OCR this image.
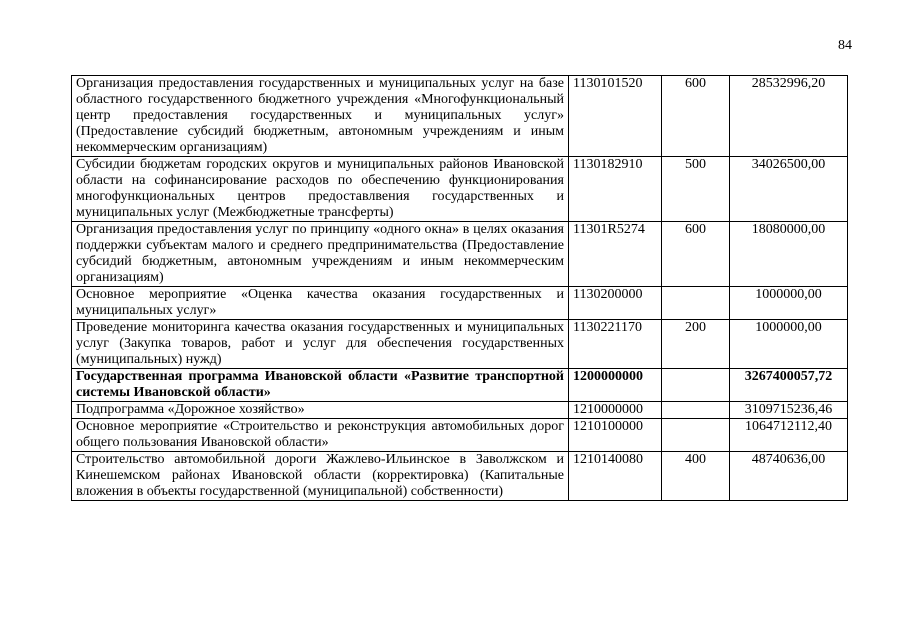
84
Организация предоставления государственных и муниципальных услуг на базе областного государственного бюджетного учреждения «Многофункциональный центр предоставления государственных и муниципальных услуг» (Предоставление субсидий бюджетным, автономным учреждениям и иным некоммерческим организациям)	1130101520	600	28532996,20
Субсидии бюджетам городских округов и муниципальных районов Ивановской области на софинансирование расходов по обеспечению функционирования многофункциональных центров предоставлвения государственных и муниципальных услуг (Межбюджетные трансферты)	1130182910	500	34026500,00
Организация предоставления услуг по принципу «одного окна» в целях оказания поддержки субъектам малого и среднего предпринимательства (Предоставление субсидий бюджетным, автономным учреждениям и иным некоммерческим организациям)	11301R5274	600	18080000,00
Основное мероприятие «Оценка качества оказания государственных и муниципальных услуг»	1130200000		1000000,00
Проведение мониторинга качества оказания государственных и муниципальных услуг (Закупка товаров, работ и услуг для обеспечения государственных (муниципальных) нужд)	1130221170	200	1000000,00
Государственная программа Ивановской области «Развитие транспортной системы Ивановской области»	1200000000		3267400057,72
Подпрограмма «Дорожное хозяйство»	1210000000		3109715236,46
Основное мероприятие «Строительство и реконструкция автомобильных дорог общего пользования Ивановской области»	1210100000		1064712112,40
Строительство автомобильной дороги Жажлево-Ильинское в Заволжском и Кинешемском районах Ивановской области (корректировка) (Капитальные вложения в объекты государственной (муниципальной) собственности)	1210140080	400	48740636,00
